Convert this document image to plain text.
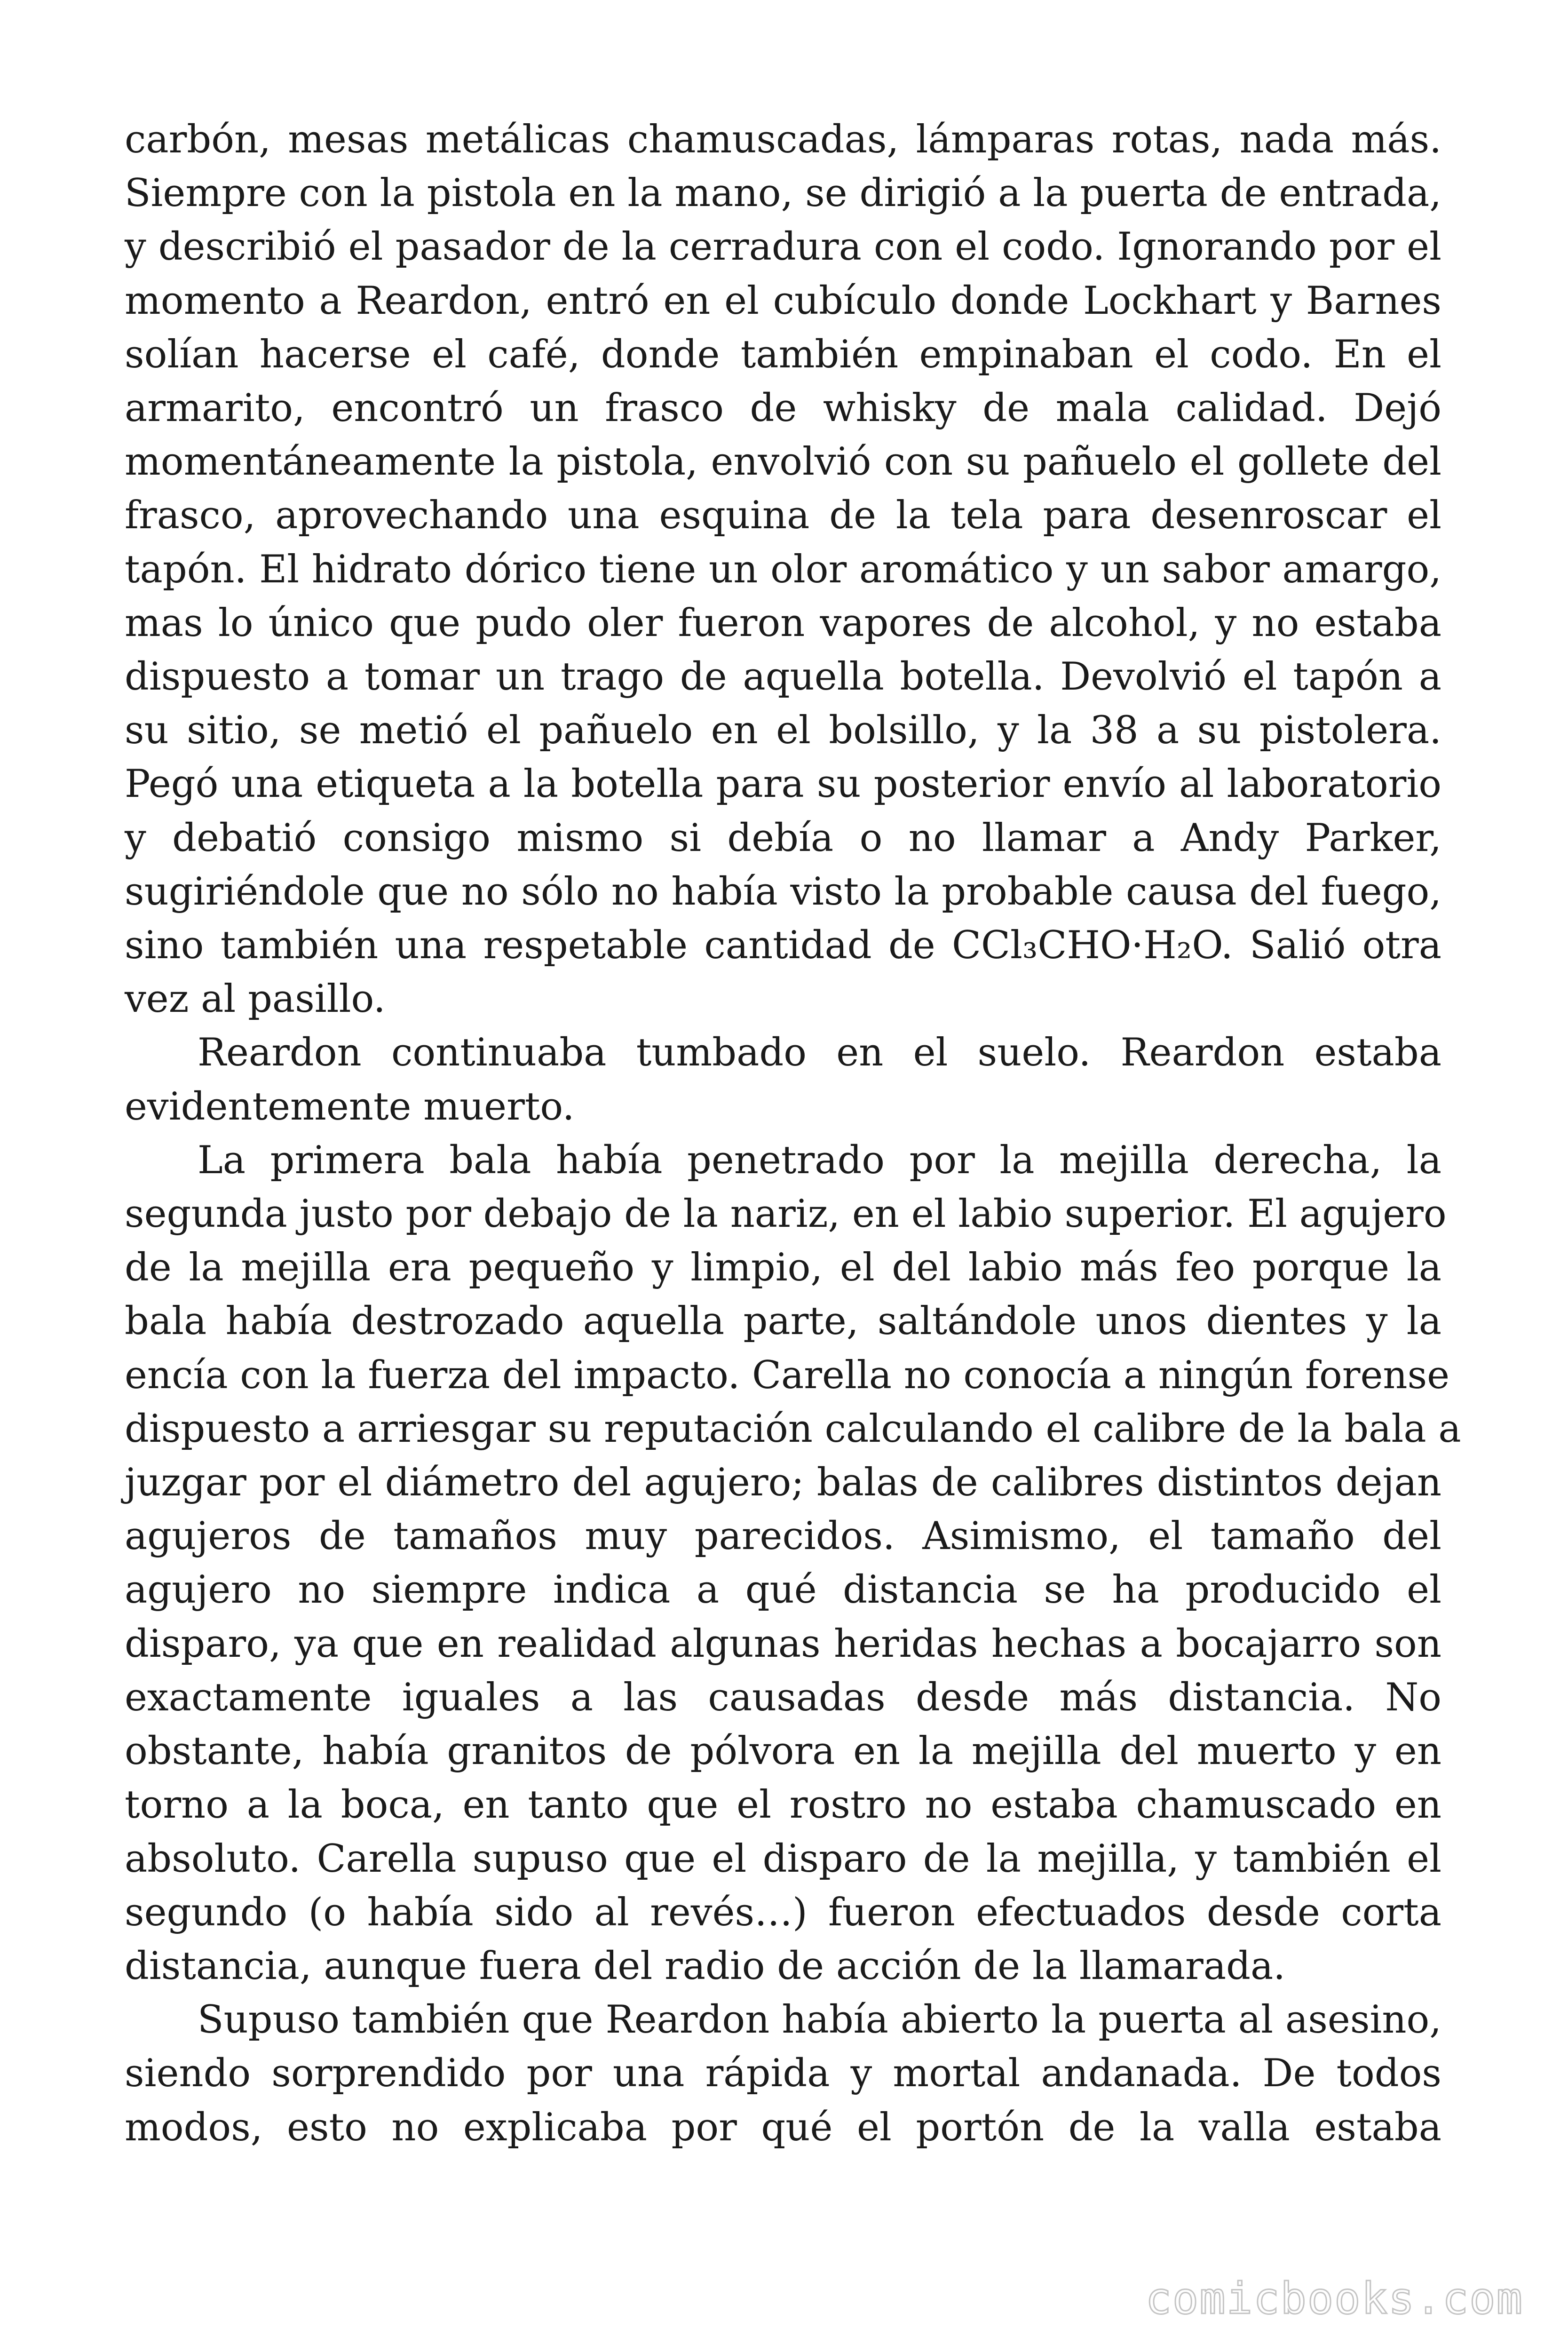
carbón, mesas metálicas chamuscadas, lámparas rotas, nada más.
Siempre con la pistola en la mano, se dirigió a la puerta de entrada,
y describió el pasador de la cerradura con el codo. Ignorando por el
momento a Reardon, entró en el cubículo donde Lockhart y Barnes
solían hacerse el café, donde también empinaban el codo. En el
armarito, encontró un frasco de whisky de mala calidad. Dejó
momentáneamente la pistola, envolvió con su pañuelo el gollete del
frasco, aprovechando una esquina de la tela para desenroscar el
tapón. El hidrato dórico tiene un olor aromático y un sabor amargo,
mas lo único que pudo oler fueron vapores de alcohol, y no estaba
dispuesto a tomar un trago de aquella botella. Devolvió el tapón a
su sitio, se metió el pañuelo en el bolsillo, y la 38 a su pistolera.
Pegó una etiqueta a la botella para su posterior envío al laboratorio
y debatió consigo mismo si debía o no llamar a Andy Parker,
sugiriéndole que no sólo no había visto la probable causa del fuego,
sino también una respetable cantidad de CCl₃CHO·H₂O. Salió otra
vez al pasillo.

Reardon continuaba tumbado en el suelo. Reardon estaba
evidentemente muerto.

La primera bala había penetrado por la mejilla derecha, la
segunda justo por debajo de la nariz, en el labio superior. El agujero
de la mejilla era pequeño y limpio, el del labio más feo porque la
bala había destrozado aquella parte, saltándole unos dientes y la
encía con la fuerza del impacto. Carella no conocía a ningún forense
dispuesto a arriesgar su reputación calculando el calibre de la bala a
juzgar por el diámetro del agujero; balas de calibres distintos dejan
agujeros de tamaños muy parecidos. Asimismo, el tamaño del
agujero no siempre indica a qué distancia se ha producido el
disparo, ya que en realidad algunas heridas hechas a bocajarro son
exactamente iguales a las causadas desde más distancia. No
obstante, había granitos de pólvora en la mejilla del muerto y en
torno a la boca, en tanto que el rostro no estaba chamuscado en
absoluto. Carella supuso que el disparo de la mejilla, y también el
segundo (o había sido al revés…) fueron efectuados desde corta
distancia, aunque fuera del radio de acción de la llamarada.

Supuso también que Reardon había abierto la puerta al asesino,
siendo sorprendido por una rápida y mortal andanada. De todos
modos, esto no explicaba por qué el portón de la valla estaba

comicbooks.com
